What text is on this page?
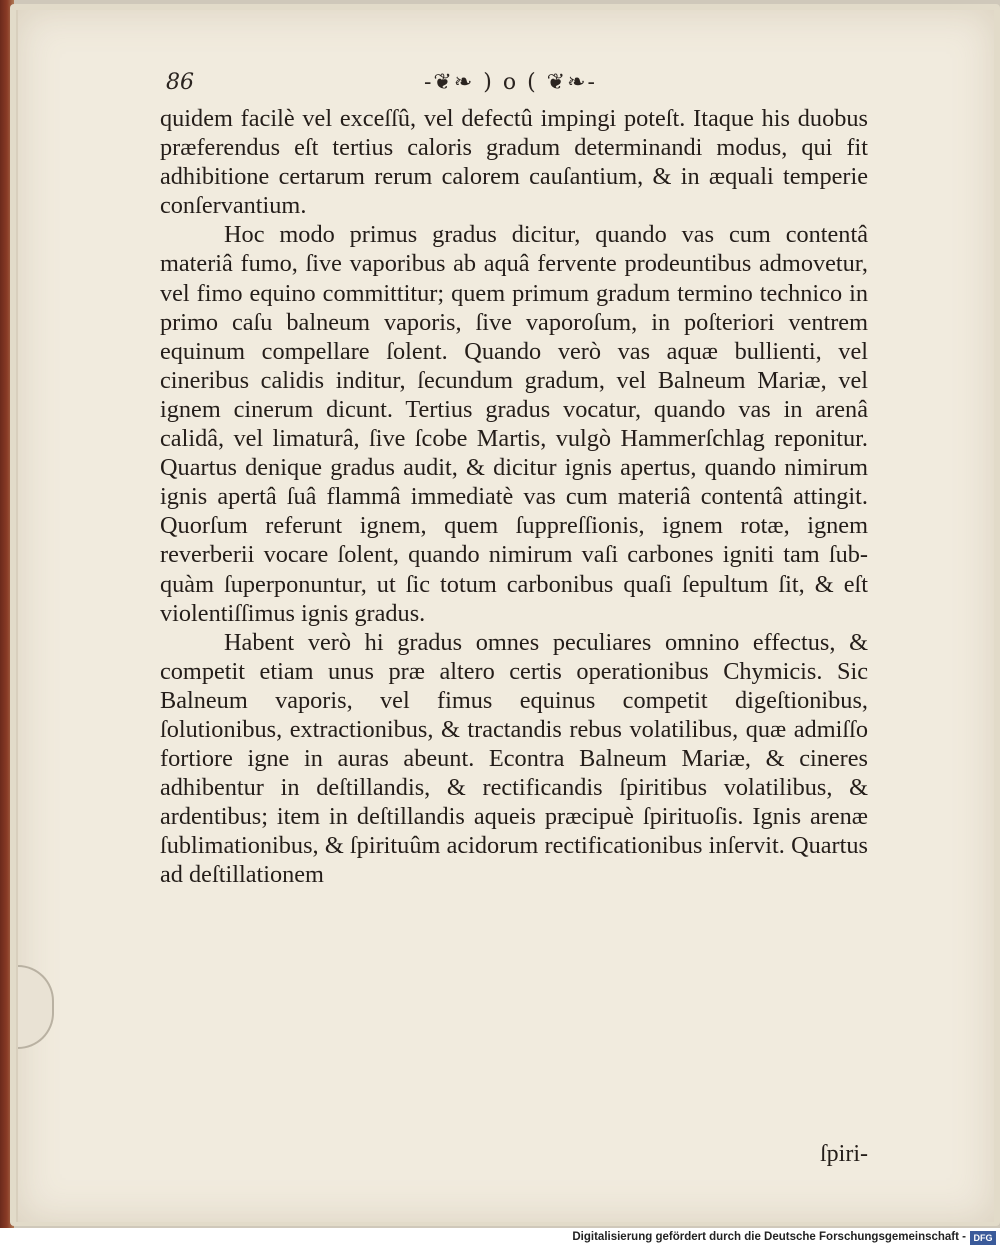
86	-❦❧ ) o ( ❦❧-

quidem facilè vel exceſſû, vel defectû impingi poteſt. Itaque his duobus præferendus eſt tertius caloris gradum determinandi modus, qui fit adhibitione certarum rerum calorem cauſantium, & in æquali temperie conſervantium.

Hoc modo primus gradus dicitur, quando vas cum contentâ materiâ fumo, ſive vaporibus ab aquâ fervente prodeuntibus admovetur, vel fimo equino committitur; quem primum gradum termino technico in primo caſu balneum vaporis, ſive vaporoſum, in poſteriori ventrem equinum compellare ſolent. Quando verò vas aquæ bullienti, vel cineribus calidis inditur, ſecundum gradum, vel Balneum Mariæ, vel ignem cinerum dicunt. Tertius gradus vocatur, quando vas in arenâ calidâ, vel limaturâ, ſive ſcobe Martis, vulgò Hammerſchlag reponitur. Quartus denique gradus audit, & dicitur ignis apertus, quando nimirum ignis apertâ ſuâ flammâ immediatè vas cum materiâ contentâ attingit. Quorſum referunt ignem, quem ſuppreſſionis, ignem rotæ, ignem reverberii vocare ſolent, quando nimirum vaſi carbones igniti tam ſub- quàm ſuperponuntur, ut ſic totum carbonibus quaſi ſepultum ſit, & eſt violentiſſimus ignis gradus.

Habent verò hi gradus omnes peculiares omnino effectus, & competit etiam unus præ altero certis operationibus Chymicis. Sic Balneum vaporis, vel fimus equinus competit digeſtionibus, ſolutionibus, extractionibus, & tractandis rebus volatilibus, quæ admiſſo fortiore igne in auras abeunt. Econtra Balneum Mariæ, & cineres adhibentur in deſtillandis, & rectificandis ſpiritibus volatilibus, & ardentibus; item in deſtillandis aqueis præcipuè ſpirituoſis. Ignis arenæ ſublimationibus, & ſpirituûm acidorum rectificationibus inſervit. Quartus ad deſtillationem

ſpiri-
Digitalisierung gefördert durch die Deutsche Forschungsgemeinschaft - DFG
